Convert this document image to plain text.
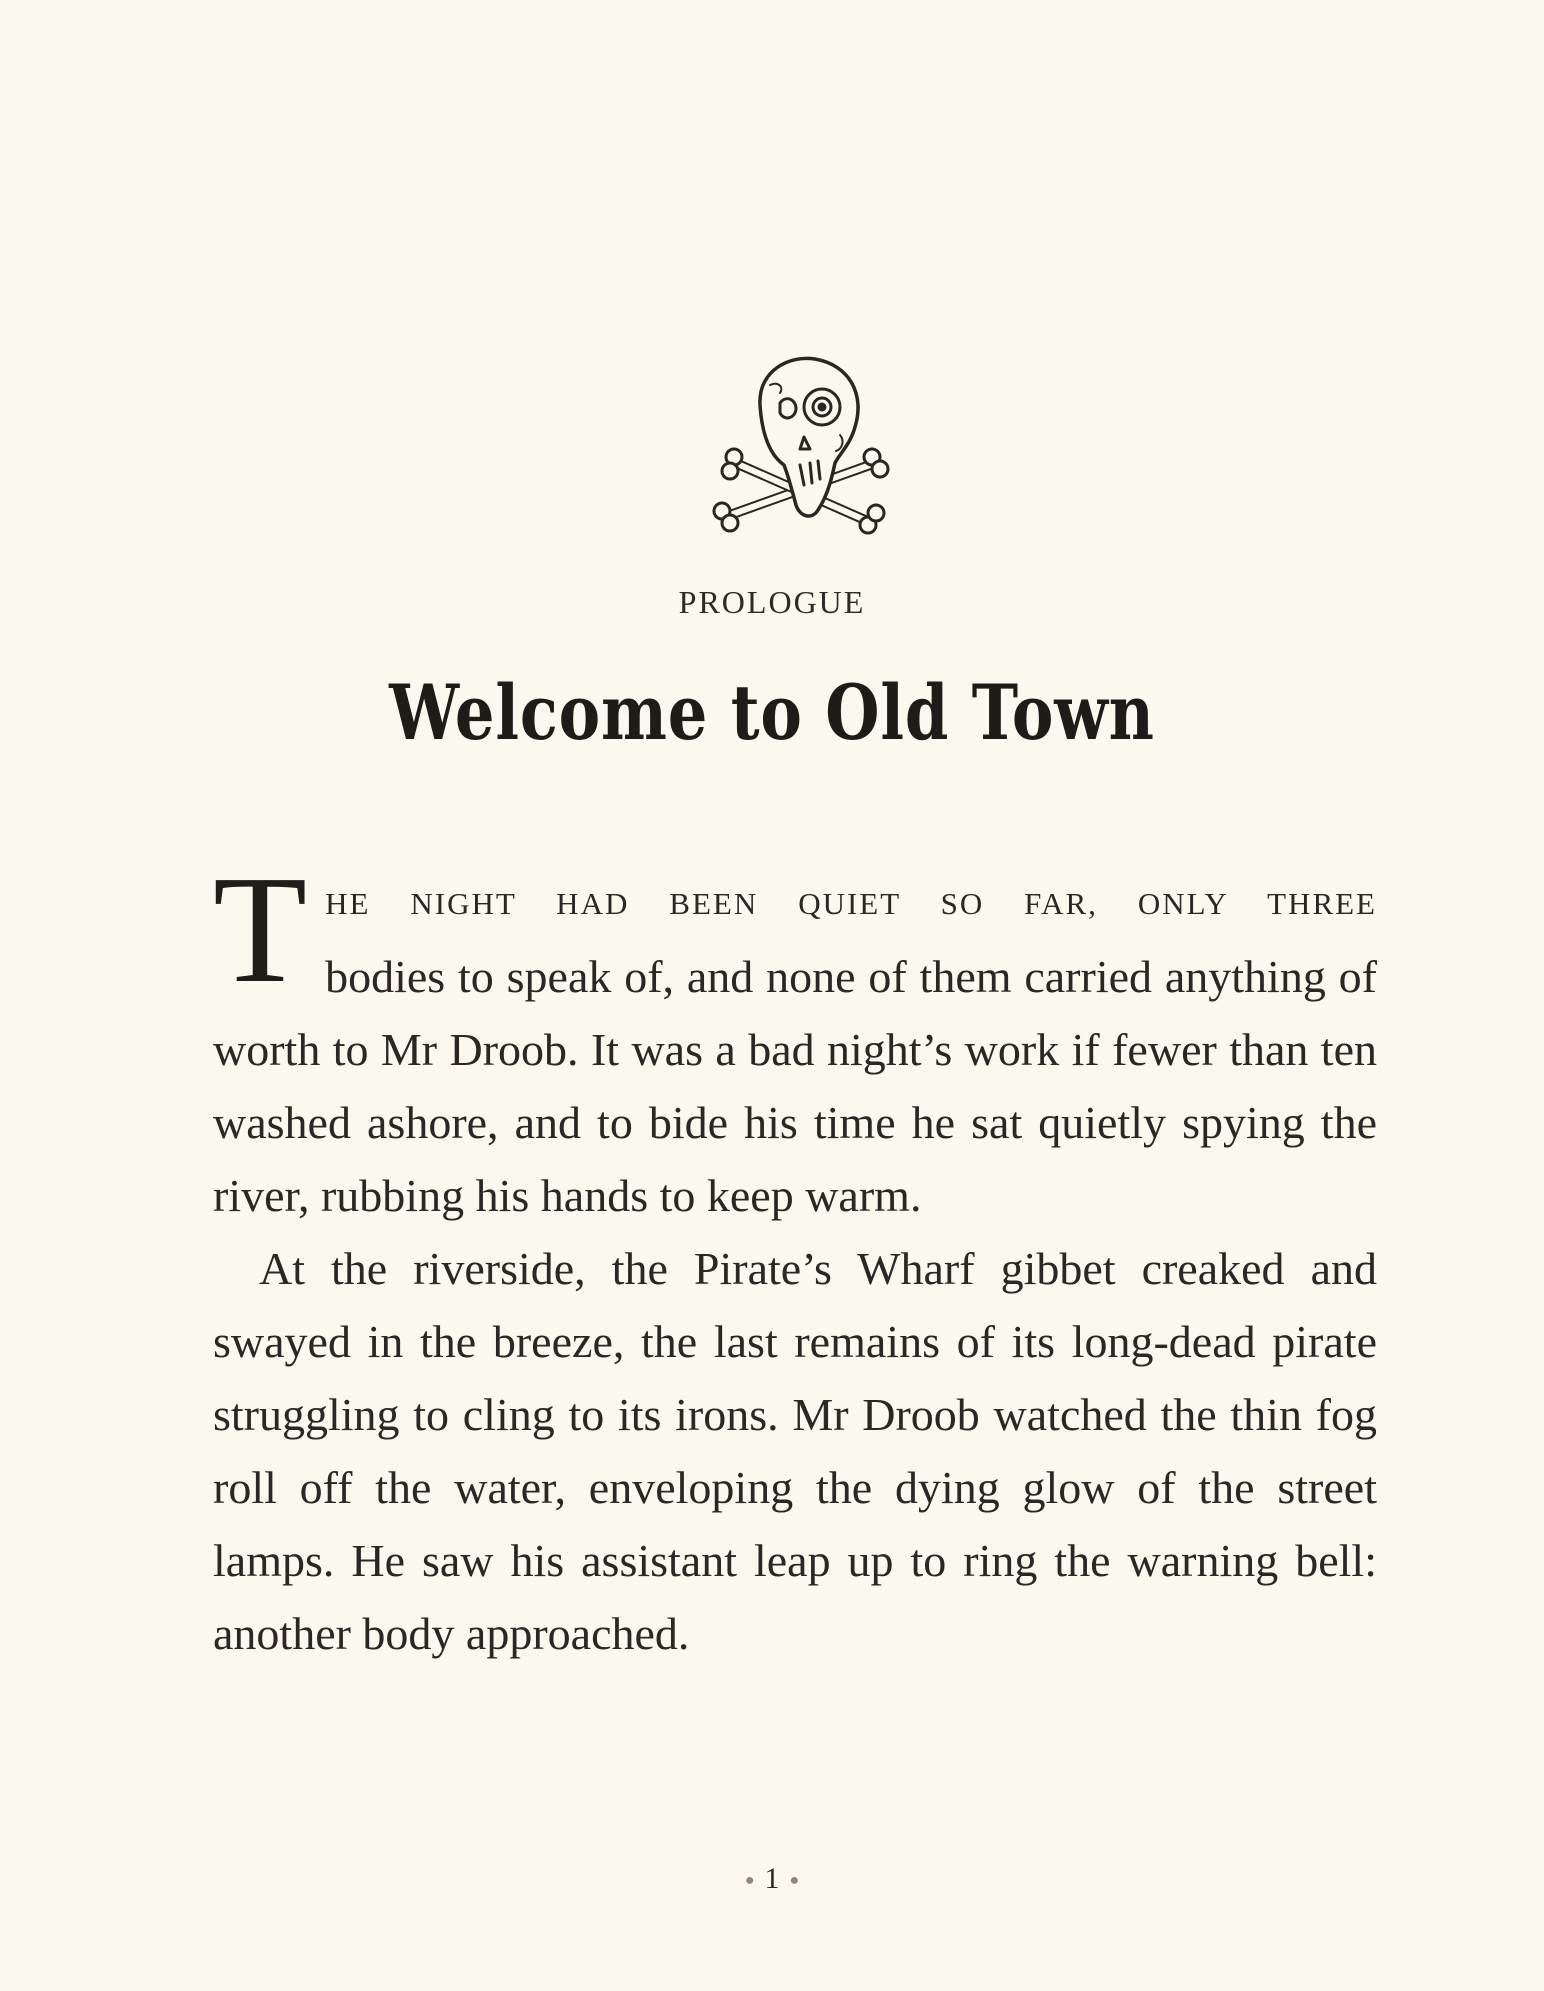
PROLOGUE
Welcome to Old Town

THE NIGHT HAD BEEN QUIET SO FAR, ONLY THREE bodies to speak of, and none of them carried anything of worth to Mr Droob. It was a bad night’s work if fewer than ten washed ashore, and to bide his time he sat quietly spying the river, rubbing his hands to keep warm.

At the riverside, the Pirate’s Wharf gibbet creaked and swayed in the breeze, the last remains of its long-dead pirate struggling to cling to its irons. Mr Droob watched the thin fog roll off the water, enveloping the dying glow of the street lamps. He saw his assistant leap up to ring the warning bell: another body approached.

● 1 ●
